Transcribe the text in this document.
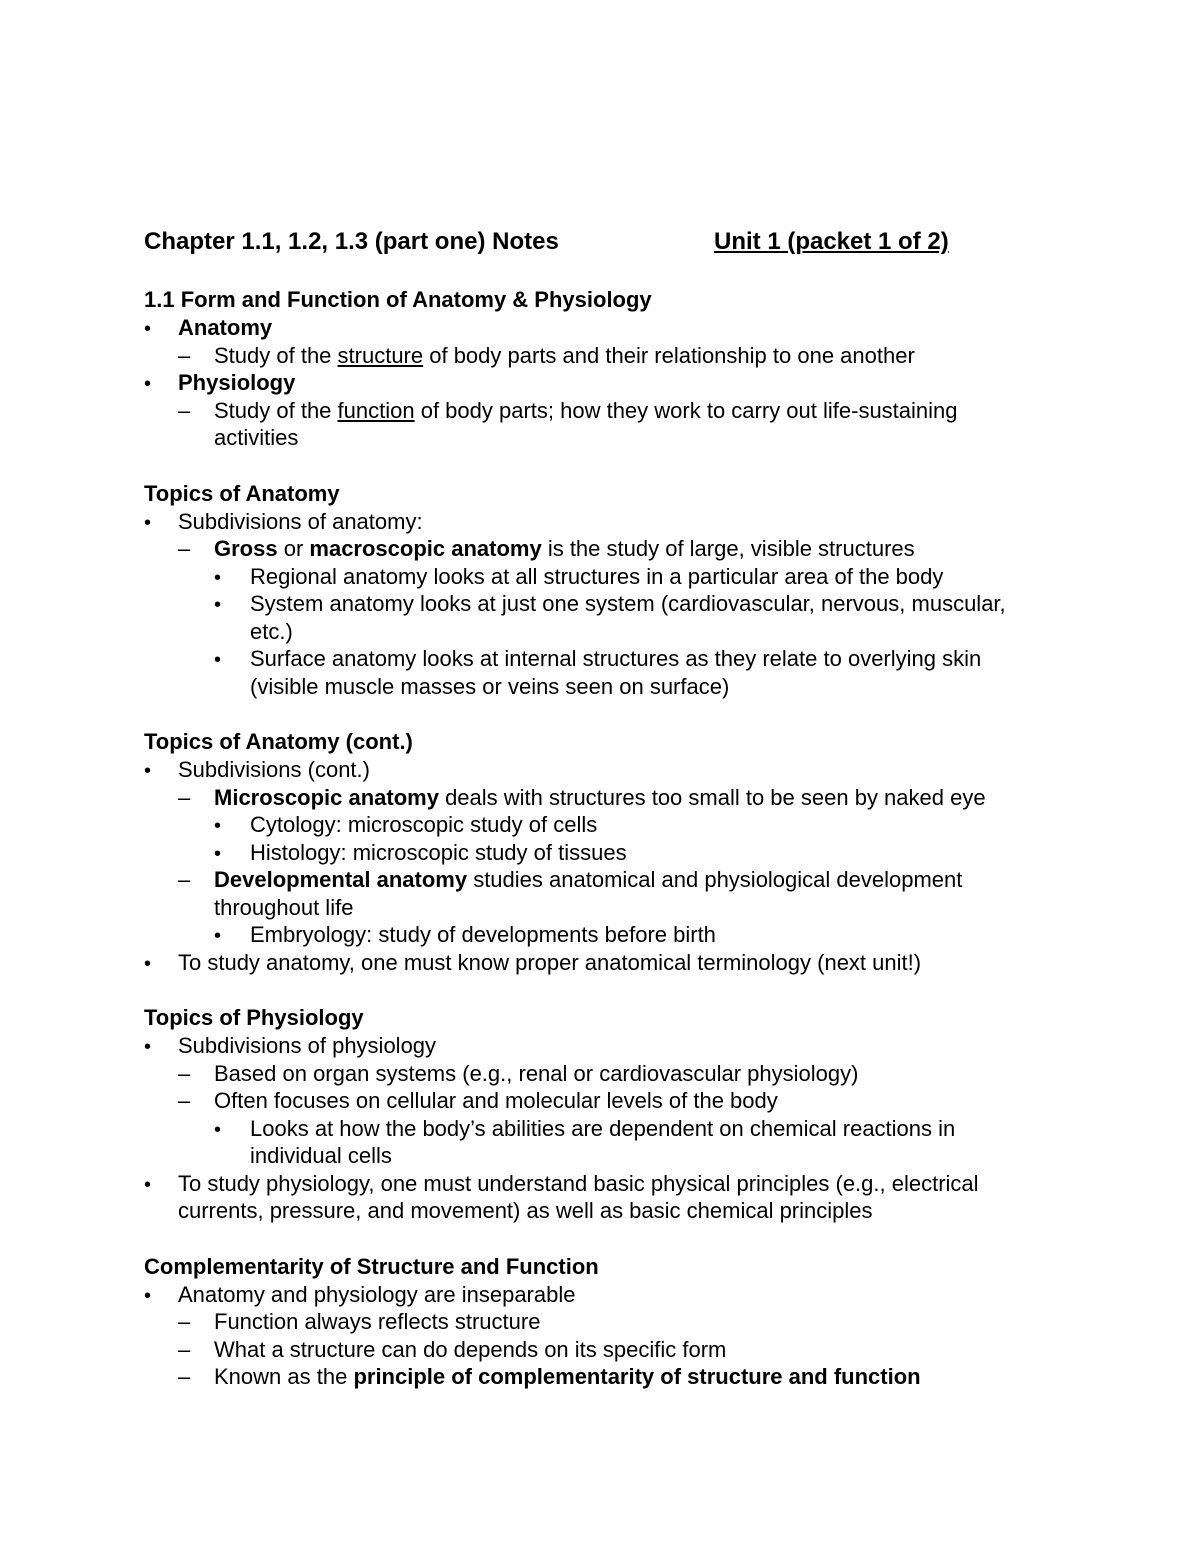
Chapter 1.1, 1.2, 1.3 (part one) Notes	Unit 1 (packet 1 of 2)
1.1 Form and Function of Anatomy & Physiology
•
Anatomy
–
Study of the structure of body parts and their relationship to one another
•
Physiology
–
Study of the function of body parts; how they work to carry out life-sustaining
activities
Topics of Anatomy
•
Subdivisions of anatomy:
–
Gross or macroscopic anatomy is the study of large, visible structures
•
Regional anatomy looks at all structures in a particular area of the body
•
System anatomy looks at just one system (cardiovascular, nervous, muscular,
etc.)
•
Surface anatomy looks at internal structures as they relate to overlying skin
(visible muscle masses or veins seen on surface)
Topics of Anatomy (cont.)
•
Subdivisions (cont.)
–
Microscopic anatomy deals with structures too small to be seen by naked eye
•
Cytology: microscopic study of cells
•
Histology: microscopic study of tissues
–
Developmental anatomy studies anatomical and physiological development
throughout life
•
Embryology: study of developments before birth
•
To study anatomy, one must know proper anatomical terminology (next unit!)
Topics of Physiology
•
Subdivisions of physiology
–
Based on organ systems (e.g., renal or cardiovascular physiology)
–
Often focuses on cellular and molecular levels of the body
•
Looks at how the body’s abilities are dependent on chemical reactions in
individual cells
•
To study physiology, one must understand basic physical principles (e.g., electrical
currents, pressure, and movement) as well as basic chemical principles
Complementarity of Structure and Function
•
Anatomy and physiology are inseparable
–
Function always reflects structure
–
What a structure can do depends on its specific form
–
Known as the principle of complementarity of structure and function
